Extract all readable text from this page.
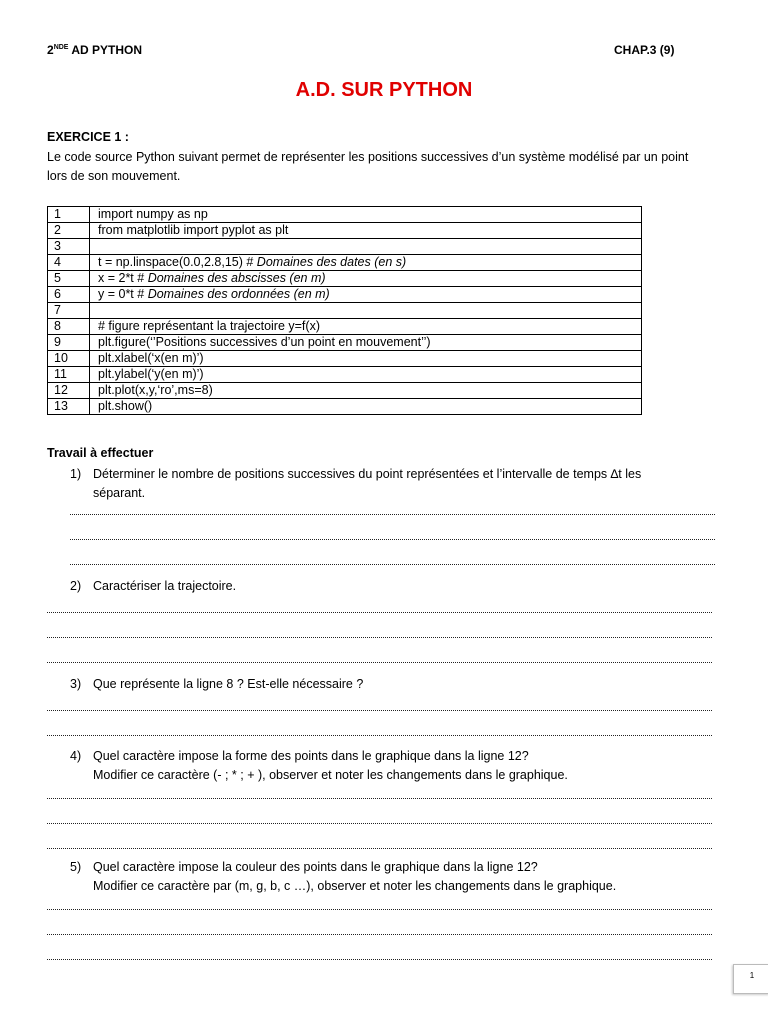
2NDE AD PYTHON	CHAP.3 (9)
A.D. SUR PYTHON
EXERCICE 1 :
Le code source Python suivant permet de représenter les positions successives d’un système modélisé par un point
lors de son mouvement.
1	import numpy as np
2	from matplotlib import pyplot as plt
3	
4	t = np.linspace(0.0,2.8,15) # Domaines des dates (en s)
5	x = 2*t # Domaines des abscisses (en m)
6	y = 0*t # Domaines des ordonnées (en m)
7	
8	# figure représentant la trajectoire y=f(x)
9	plt.figure(‘’Positions successives d’un point en mouvement’’)
10	plt.xlabel(‘x(en m)’)
11	plt.ylabel(‘y(en m)’)
12	plt.plot(x,y,‘ro’,ms=8)
13	plt.show()
Travail à effectuer
1) Déterminer le nombre de positions successives du point représentées et l’intervalle de temps ∆t les
séparant.
2) Caractériser la trajectoire.
3) Que représente la ligne 8 ? Est-elle nécessaire ?
4) Quel caractère impose la forme des points dans le graphique dans la ligne 12?
Modifier ce caractère (- ; * ; + ), observer et noter les changements dans le graphique.
5) Quel caractère impose la couleur des points dans le graphique dans la ligne 12?
Modifier ce caractère par (m, g, b, c …), observer et noter les changements dans le graphique.
1
